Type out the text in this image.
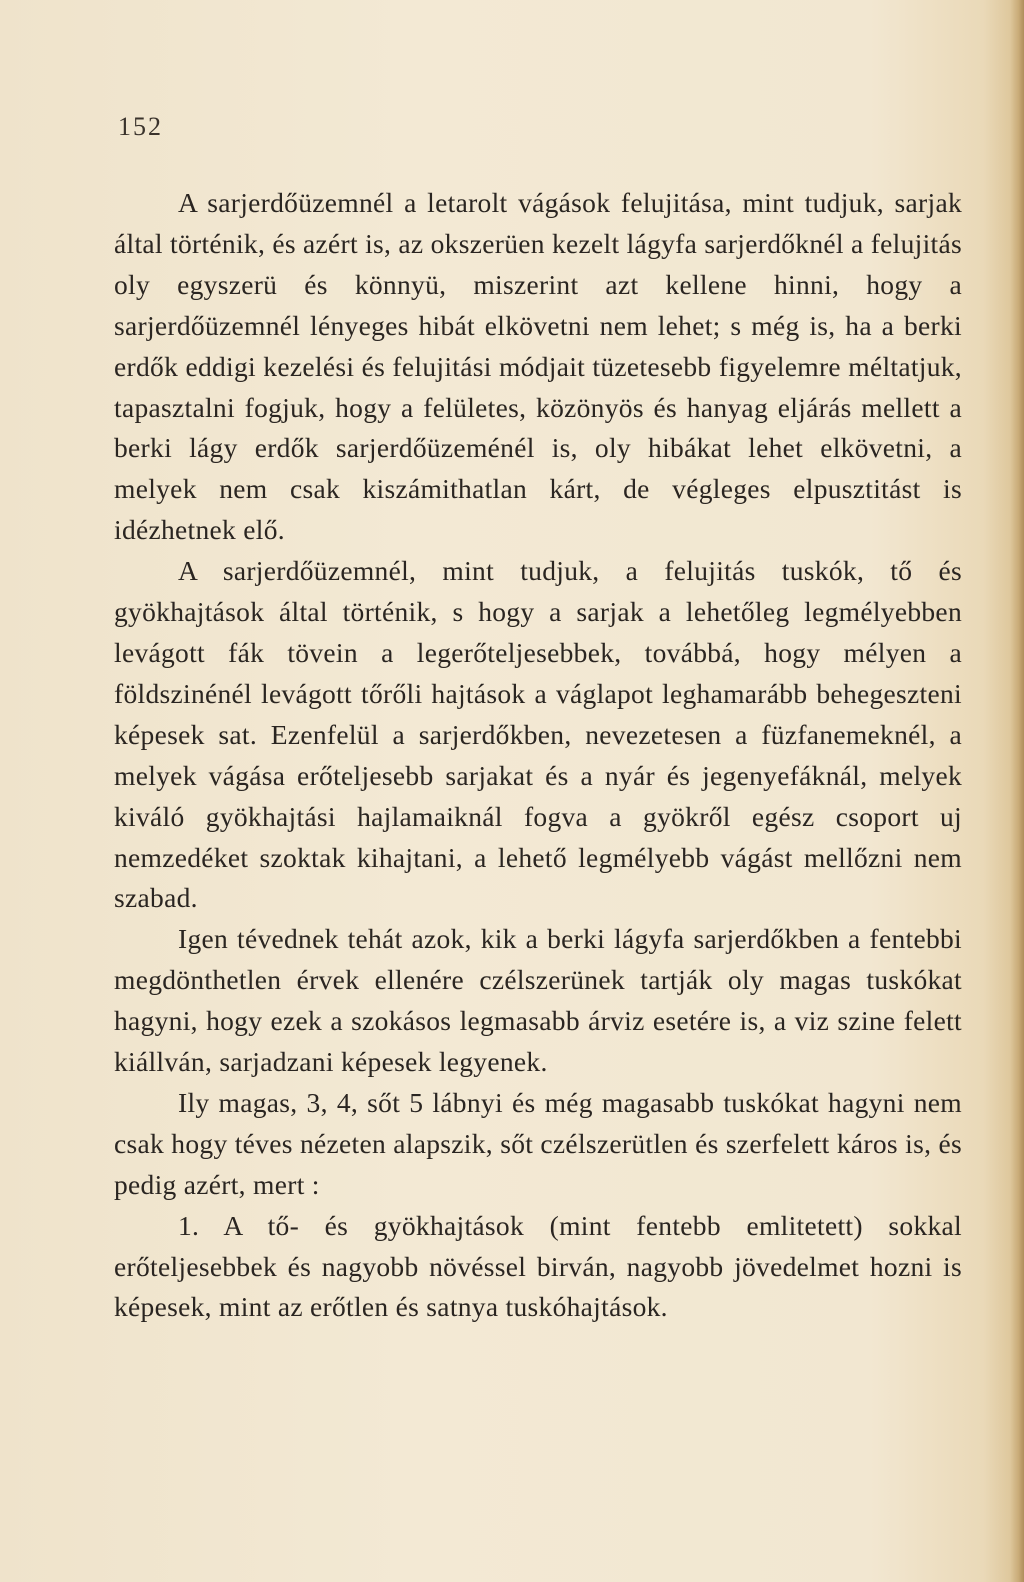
152

A sarjerdőüzemnél a letarolt vágások felujitása, mint tudjuk, sarjak által történik, és azért is, az okszerüen kezelt lágyfa sarjerdőknél a felujitás oly egyszerü és könnyü, miszerint azt kellene hinni, hogy a sarjerdőüzemnél lényeges hibát elkövetni nem lehet; s még is, ha a berki erdők eddigi kezelési és felujitási módjait tüzetesebb figyelemre méltatjuk, tapasztalni fogjuk, hogy a felületes, közönyös és hanyag eljárás mellett a berki lágy erdők sarjerdőüzeménél is, oly hibákat lehet elkövetni, a melyek nem csak kiszámithatlan kárt, de végleges elpusztitást is idézhetnek elő.

A sarjerdőüzemnél, mint tudjuk, a felujitás tuskók, tő és gyökhajtások által történik, s hogy a sarjak a lehetőleg legmélyebben levágott fák tövein a legerőteljesebbek, továbbá, hogy mélyen a földszinénél levágott tőrőli hajtások a váglapot leghamarább behegeszteni képesek sat. Ezenfelül a sarjerdőkben, nevezetesen a füzfanemeknél, a melyek vágása erőteljesebb sarjakat és a nyár és jegenyefáknál, melyek kiváló gyökhajtási hajlamaiknál fogva a gyökről egész csoport uj nemzedéket szoktak kihajtani, a lehető legmélyebb vágást mellőzni nem szabad.

Igen tévednek tehát azok, kik a berki lágyfa sarjerdőkben a fentebbi megdönthetlen érvek ellenére czélszerünek tartják oly magas tuskókat hagyni, hogy ezek a szokásos legmasabb árviz esetére is, a viz szine felett kiállván, sarjadzani képesek legyenek.

Ily magas, 3, 4, sőt 5 lábnyi és még magasabb tuskókat hagyni nem csak hogy téves nézeten alapszik, sőt czélszerütlen és szerfelett káros is, és pedig azért, mert :

1. A tő- és gyökhajtások (mint fentebb emlitetett) sokkal erőteljesebbek és nagyobb növéssel birván, nagyobb jövedelmet hozni is képesek, mint az erőtlen és satnya tuskóhajtások.
